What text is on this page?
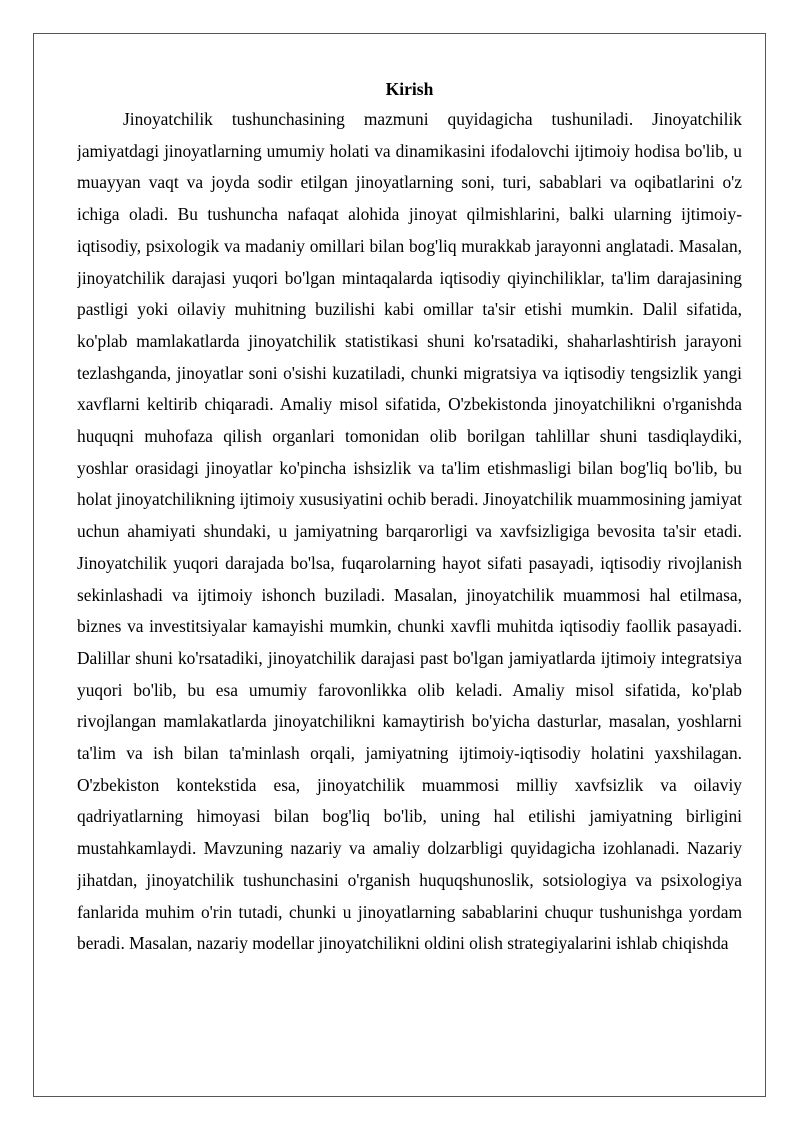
Kirish

Jinoyatchilik tushunchasining mazmuni quyidagicha tushuniladi. Jinoyatchilik jamiyatdagi jinoyatlarning umumiy holati va dinamikasini ifodalovchi ijtimoiy hodisa bo'lib, u muayyan vaqt va joyda sodir etilgan jinoyatlarning soni, turi, sabablari va oqibatlarini o'z ichiga oladi. Bu tushuncha nafaqat alohida jinoyat qilmishlarini, balki ularning ijtimoiy-iqtisodiy, psixologik va madaniy omillari bilan bog'liq murakkab jarayonni anglatadi. Masalan, jinoyatchilik darajasi yuqori bo'lgan mintaqalarda iqtisodiy qiyinchiliklar, ta'lim darajasining pastligi yoki oilaviy muhitning buzilishi kabi omillar ta'sir etishi mumkin. Dalil sifatida, ko'plab mamlakatlarda jinoyatchilik statistikasi shuni ko'rsatadiki, shaharlashtirish jarayoni tezlashganda, jinoyatlar soni o'sishi kuzatiladi, chunki migratsiya va iqtisodiy tengsizlik yangi xavflarni keltirib chiqaradi. Amaliy misol sifatida, O'zbekistonda jinoyatchilikni o'rganishda huquqni muhofaza qilish organlari tomonidan olib borilgan tahlillar shuni tasdiqlaydiki, yoshlar orasidagi jinoyatlar ko'pincha ishsizlik va ta'lim etishmasligi bilan bog'liq bo'lib, bu holat jinoyatchilikning ijtimoiy xususiyatini ochib beradi. Jinoyatchilik muammosining jamiyat uchun ahamiyati shundaki, u jamiyatning barqarorligi va xavfsizligiga bevosita ta'sir etadi. Jinoyatchilik yuqori darajada bo'lsa, fuqarolarning hayot sifati pasayadi, iqtisodiy rivojlanish sekinlashadi va ijtimoiy ishonch buziladi. Masalan, jinoyatchilik muammosi hal etilmasa, biznes va investitsiyalar kamayishi mumkin, chunki xavfli muhitda iqtisodiy faollik pasayadi. Dalillar shuni ko'rsatadiki, jinoyatchilik darajasi past bo'lgan jamiyatlarda ijtimoiy integratsiya yuqori bo'lib, bu esa umumiy farovonlikka olib keladi. Amaliy misol sifatida, ko'plab rivojlangan mamlakatlarda jinoyatchilikni kamaytirish bo'yicha dasturlar, masalan, yoshlarni ta'lim va ish bilan ta'minlash orqali, jamiyatning ijtimoiy-iqtisodiy holatini yaxshilagan. O'zbekiston kontekstida esa, jinoyatchilik muammosi milliy xavfsizlik va oilaviy qadriyatlarning himoyasi bilan bog'liq bo'lib, uning hal etilishi jamiyatning birligini mustahkamlaydi. Mavzuning nazariy va amaliy dolzarbligi quyidagicha izohlanadi. Nazariy jihatdan, jinoyatchilik tushunchasini o'rganish huquqshunoslik, sotsiologiya va psixologiya fanlarida muhim o'rin tutadi, chunki u jinoyatlarning sabablarini chuqur tushunishga yordam beradi. Masalan, nazariy modellar jinoyatchilikni oldini olish strategiyalarini ishlab chiqishda
